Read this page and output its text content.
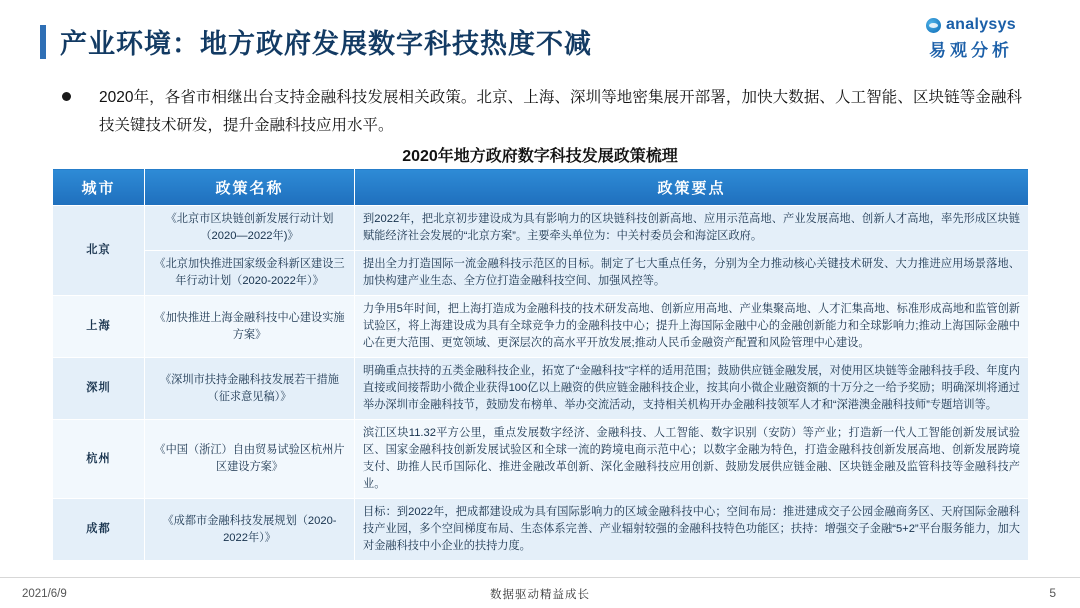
产业环境：地方政府发展数字科技热度不减
analysys
易观分析
2020年，各省市相继出台支持金融科技发展相关政策。北京、上海、深圳等地密集展开部署，加快大数据、人工智能、区块链等金融科技关键技术研发，提升金融科技应用水平。
2020年地方政府数字科技发展政策梳理
城市	政策名称	政策要点
北京	《北京市区块链创新发展行动计划（2020—2022年)》	到2022年，把北京初步建设成为具有影响力的区块链科技创新高地、应用示范高地、产业发展高地、创新人才高地，率先形成区块链赋能经济社会发展的“北京方案”。主要牵头单位为：中关村委员会和海淀区政府。
	《北京加快推进国家级金科新区建设三年行动计划（2020-2022年）》	提出全力打造国际一流金融科技示范区的目标。制定了七大重点任务，分别为全力推动核心关键技术研发、大力推进应用场景落地、加快构建产业生态、全方位打造金融科技空间、加强风控等。
上海	《加快推进上海金融科技中心建设实施方案》	力争用5年时间，把上海打造成为金融科技的技术研发高地、创新应用高地、产业集聚高地、人才汇集高地、标准形成高地和监管创新试验区，将上海建设成为具有全球竞争力的金融科技中心；提升上海国际金融中心的金融创新能力和全球影响力;推动上海国际金融中心在更大范围、更宽领域、更深层次的高水平开放发展;推动人民币金融资产配置和风险管理中心建设。
深圳	《深圳市扶持金融科技发展若干措施（征求意见稿）》	明确重点扶持的五类金融科技企业，拓宽了“金融科技”字样的适用范围；鼓励供应链金融发展，对使用区块链等金融科技手段、年度内直接或间接帮助小微企业获得100亿以上融资的供应链金融科技企业，按其向小微企业融资额的十万分之一给予奖励；明确深圳将通过举办深圳市金融科技节，鼓励发布榜单、举办交流活动，支持相关机构开办金融科技领军人才和“深港澳金融科技师”专题培训等。
杭州	《中国（浙江）自由贸易试验区杭州片区建设方案》	滨江区块11.32平方公里，重点发展数字经济、金融科技、人工智能、数字识别（安防）等产业；打造新一代人工智能创新发展试验区、国家金融科技创新发展试验区和全球一流的跨境电商示范中心；以数字金融为特色，打造金融科技创新发展高地、创新发展跨境支付、助推人民币国际化、推进金融改革创新、深化金融科技应用创新、鼓励发展供应链金融、区块链金融及监管科技等金融科技产业。
成都	《成都市金融科技发展规划（2020-2022年）》	目标：到2022年，把成都建设成为具有国际影响力的区域金融科技中心；空间布局：推进建成交子公园金融商务区、天府国际金融科技产业园，多个空间梯度布局、生态体系完善、产业辐射较强的金融科技特色功能区；扶持：增强交子金融“5+2”平台服务能力，加大对金融科技中小企业的扶持力度。
2021/6/9	数据驱动精益成长	5
